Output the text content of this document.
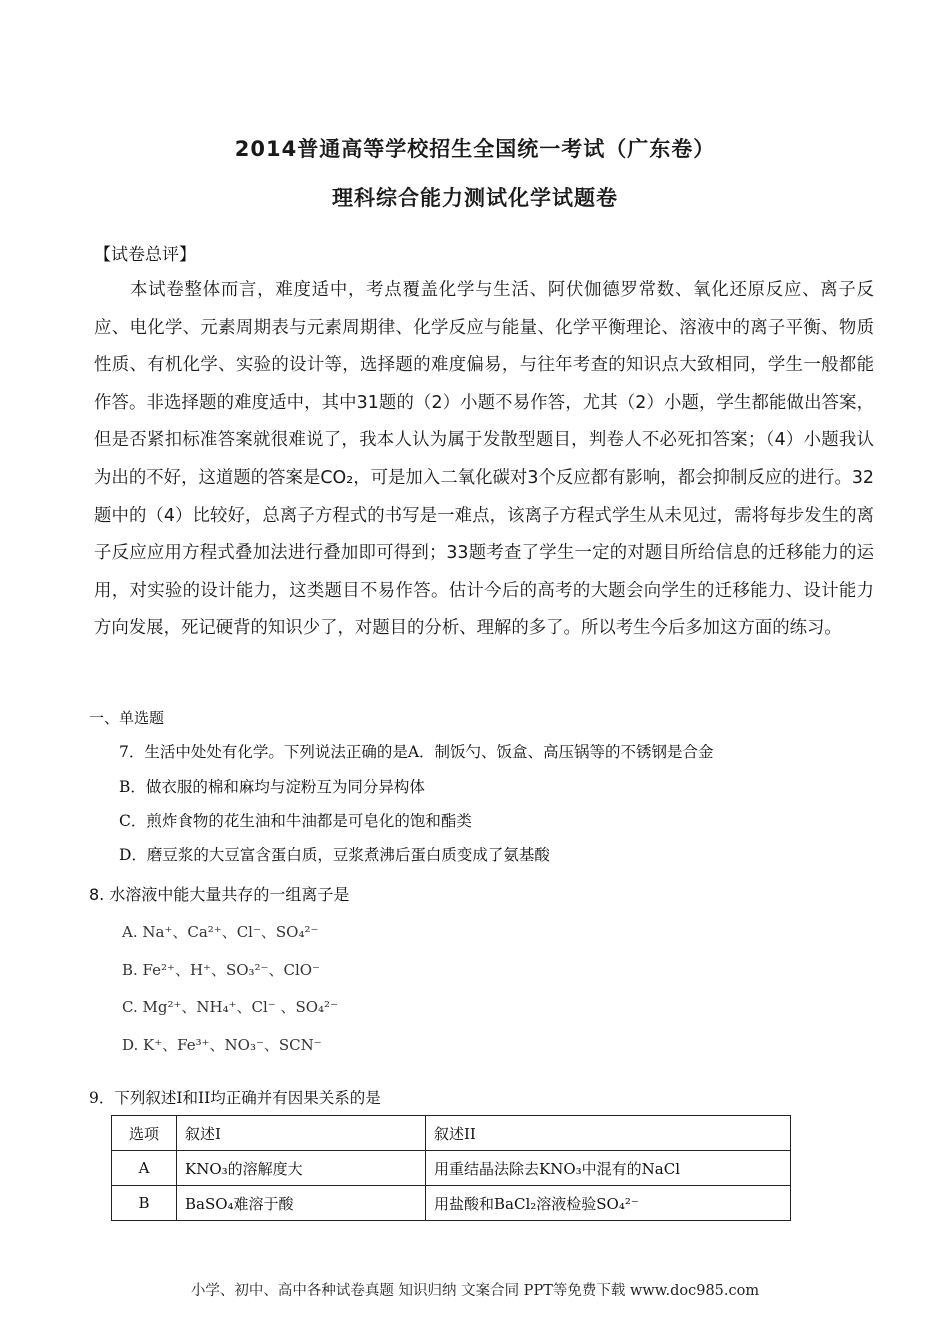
2014普通高等学校招生全国统一考试（广东卷）
理科综合能力测试化学试题卷
【试卷总评】
本试卷整体而言，难度适中，考点覆盖化学与生活、阿伏伽德罗常数、氧化还原反应、离子反应、电化学、元素周期表与元素周期律、化学反应与能量、化学平衡理论、溶液中的离子平衡、物质性质、有机化学、实验的设计等，选择题的难度偏易，与往年考查的知识点大致相同，学生一般都能作答。非选择题的难度适中，其中31题的（2）小题不易作答，尤其（2）小题，学生都能做出答案，但是否紧扣标准答案就很难说了，我本人认为属于发散型题目，判卷人不必死扣答案；（4）小题我认为出的不好，这道题的答案是CO₂，可是加入二氧化碳对3个反应都有影响，都会抑制反应的进行。32题中的（4）比较好，总离子方程式的书写是一难点，该离子方程式学生从未见过，需将每步发生的离子反应应用方程式叠加法进行叠加即可得到；33题考查了学生一定的对题目所给信息的迁移能力的运用，对实验的设计能力，这类题目不易作答。估计今后的高考的大题会向学生的迁移能力、设计能力方向发展，死记硬背的知识少了，对题目的分析、理解的多了。所以考生今后多加这方面的练习。
一、单选题
7．生活中处处有化学。下列说法正确的是A．制饭勺、饭盒、高压锅等的不锈钢是合金
B．做衣服的棉和麻均与淀粉互为同分异构体
C．煎炸食物的花生油和牛油都是可皂化的饱和酯类
D．磨豆浆的大豆富含蛋白质，豆浆煮沸后蛋白质变成了氨基酸
8. 水溶液中能大量共存的一组离子是
A. Na⁺、Ca²⁺、Cl⁻、SO₄²⁻
B. Fe²⁺、H⁺、SO₃²⁻、ClO⁻
C. Mg²⁺、NH₄⁺、Cl⁻ 、SO₄²⁻
D. K⁺、Fe³⁺、NO₃⁻、SCN⁻
9．下列叙述I和II均正确并有因果关系的是
选项	叙述I	叙述II
A	KNO₃的溶解度大	用重结晶法除去KNO₃中混有的NaCl
B	BaSO₄难溶于酸	用盐酸和BaCl₂溶液检验SO₄²⁻
小学、初中、高中各种试卷真题 知识归纳 文案合同 PPT等免费下载 www.doc985.com
